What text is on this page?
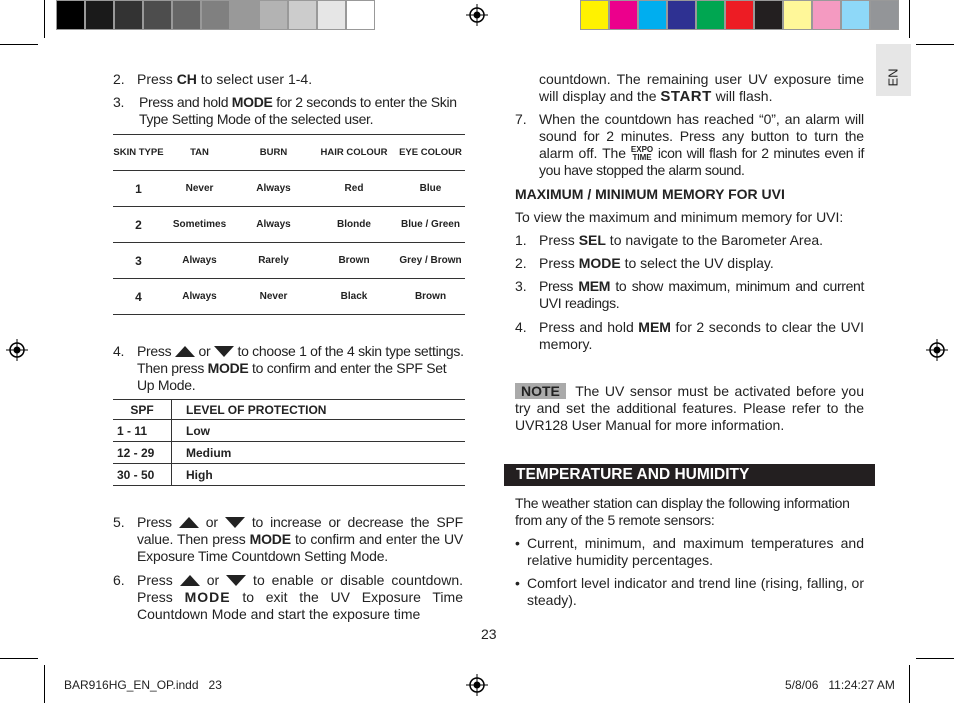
EN
2. Press CH to select user 1-4.
3. Press and hold MODE for 2 seconds to enter the Skin Type Setting Mode of the selected user.
SKIN TYPE	TAN	BURN	HAIR COLOUR	EYE COLOUR
1	Never	Always	Red	Blue
2	Sometimes	Always	Blonde	Blue / Green
3	Always	Rarely	Brown	Grey / Brown
4	Always	Never	Black	Brown
4. Press  or  to choose 1 of the 4 skin type settings. Then press MODE to confirm and enter the SPF Set Up Mode.
SPF	LEVEL OF PROTECTION
1 - 11	Low
12 - 29	Medium
30 - 50	High
5. Press  or  to increase or decrease the SPF value. Then press MODE to confirm and enter the UV Exposure Time Countdown Setting Mode.
6. Press  or  to enable or disable countdown. Press MODE to exit the UV Exposure Time Countdown Mode and start the exposure time
countdown. The remaining user UV exposure time will display and the START will flash.
7. When the countdown has reached “0”, an alarm will sound for 2 minutes. Press any button to turn the alarm off. The EXPO
TIME icon will flash for 2 minutes even if you have stopped the alarm sound.
MAXIMUM / MINIMUM MEMORY FOR UVI
To view the maximum and minimum memory for UVI:
1. Press SEL to navigate to the Barometer Area.
2. Press MODE to select the UV display.
3. Press MEM to show maximum, minimum and current UVI readings.
4. Press and hold MEM for 2 seconds to clear the UVI memory.
NOTE The UV sensor must be activated before you try and set the additional features. Please refer to the UVR128 User Manual for more information.
TEMPERATURE AND HUMIDITY
The weather station can display the following information from any of the 5 remote sensors:
• Current, minimum, and maximum temperatures and relative humidity percentages.
• Comfort level indicator and trend line (rising, falling, or steady).
23
BAR916HG_EN_OP.indd   23	5/8/06   11:24:27 AM
